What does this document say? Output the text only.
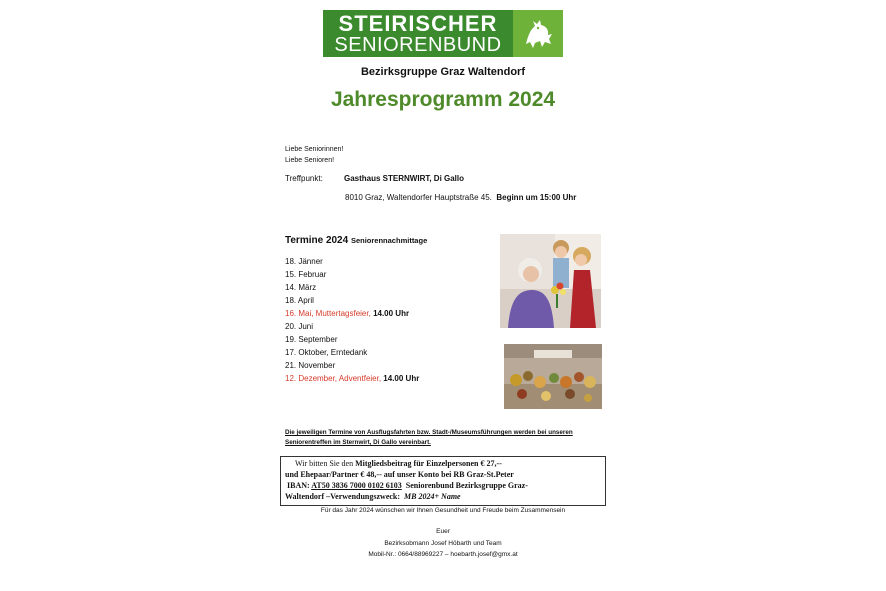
STEIRISCHER
SENIORENBUND
Bezirksgruppe Graz Waltendorf
Jahresprogramm 2024
Liebe Seniorinnen!
Liebe Senioren!
Treffpunkt:	Gasthaus STERNWIRT, Di Gallo
8010 Graz, Waltendorfer Hauptstraße 45. Beginn um 15:00 Uhr
Termine 2024 Seniorennachmittage
18. Jänner
15. Februar
14. März
18. April
16. Mai, Muttertagsfeier, 14.00 Uhr
20. Juni
19. September
17. Oktober, Erntedank
21. November
12. Dezember, Adventfeier, 14.00 Uhr
Die jeweiligen Termine von Ausflugsfahrten bzw. Stadt-/Museumsführungen werden bei unseren Seniorentreffen im Sternwirt, Di Gallo vereinbart.
Wir bitten Sie den Mitgliedsbeitrag für Einzelpersonen € 27,--
und Ehepaar/Partner € 48,-- auf unser Konto bei RB Graz-St.Peter
IBAN: AT50 3836 7000 0102 6103 Seniorenbund Bezirksgruppe Graz-
Waltendorf –Verwendungszweck: MB 2024+ Name
Für das Jahr 2024 wünschen wir Ihnen Gesundheit und Freude beim Zusammensein
Euer
Bezirksobmann Josef Höbarth und Team
Mobil-Nr.: 0664/88969227 – hoebarth.josef@gmx.at
